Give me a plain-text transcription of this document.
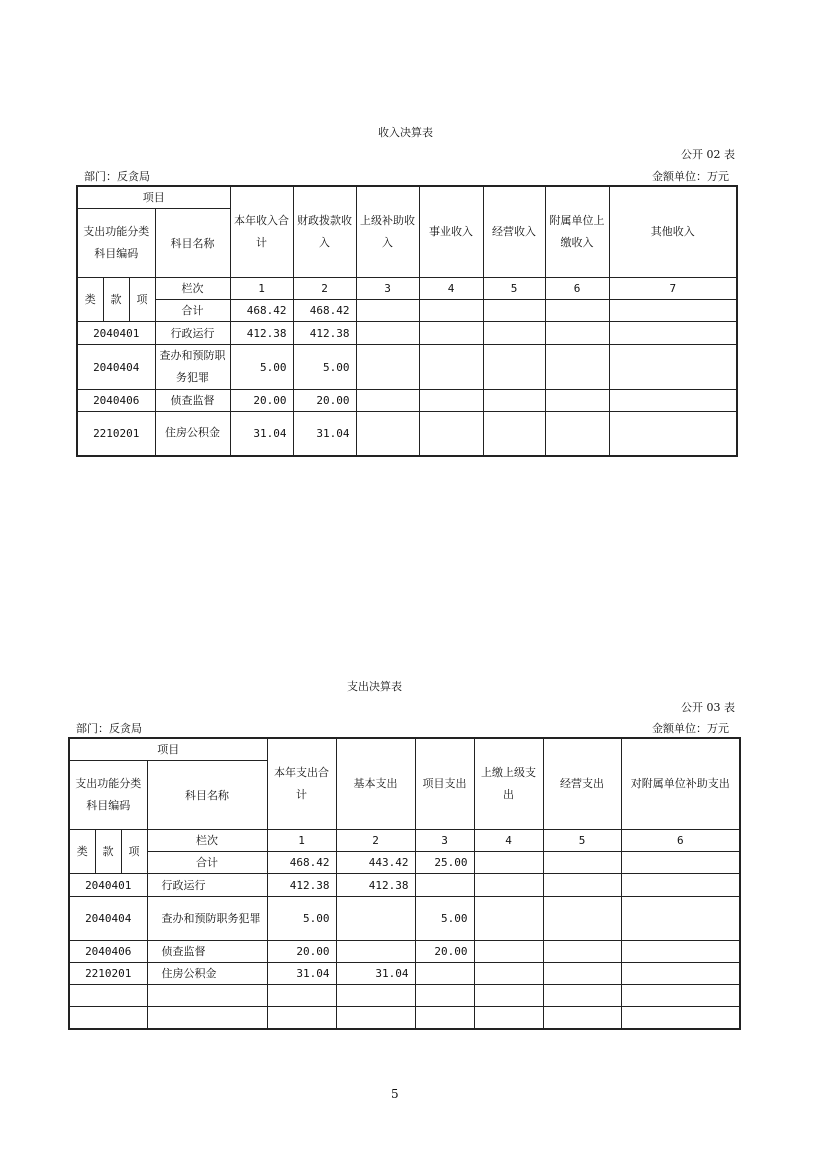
收入决算表
公开 02 表
部门：反贪局	金额单位：万元
项目				本年收入合计	财政拨款收入	上级补助收入	事业收入	经营收入	附属单位上缴收入	其他收入
支出功能分类科目编码			科目名称							
类	款	项	栏次	1	2	3	4	5	6	7
			合计	468.42	468.42					
2040401			行政运行	412.38	412.38					
2040404			查办和预防职务犯罪	5.00	5.00					
2040406			侦查监督	20.00	20.00					
2210201			住房公积金	31.04	31.04					
支出决算表
公开 03 表
部门：反贪局	金额单位：万元
项目				本年支出合计	基本支出	项目支出	上缴上级支出	经营支出	对附属单位补助支出
支出功能分类科目编码			科目名称						
类	款	项	栏次	1	2	3	4	5	6
			合计	468.42	443.42	25.00			
2040401			行政运行	412.38	412.38				
2040404			查办和预防职务犯罪	5.00		5.00			
2040406			侦查监督	20.00		20.00			
2210201			住房公积金	31.04	31.04				

5
